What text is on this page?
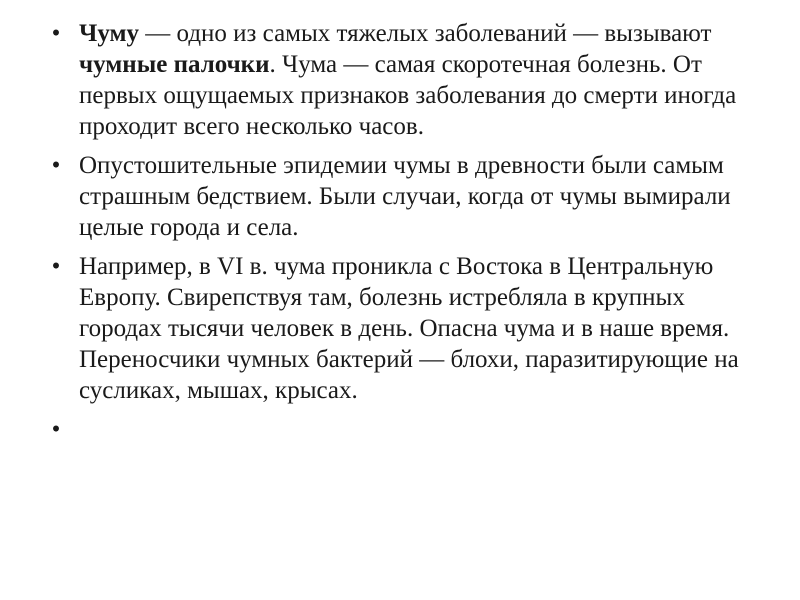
•
Чуму — одно из самых тяжелых заболеваний — вызывают чумные палочки. Чума — самая скоротечная болезнь. От первых ощущаемых признаков заболевания до смерти иногда проходит всего несколько часов.
•
Опустошительные эпидемии чумы в древности были самым страшным бедствием. Были случаи, когда от чумы вымирали целые города и села.
•
Например, в VI в. чума проникла с Востока в Центральную Европу. Свирепствуя там, болезнь истребляла в крупных городах тысячи человек в день. Опасна чума и в наше время. Переносчики чумных бактерий — блохи, паразитирующие на сусликах, мышах, крысах.
•
